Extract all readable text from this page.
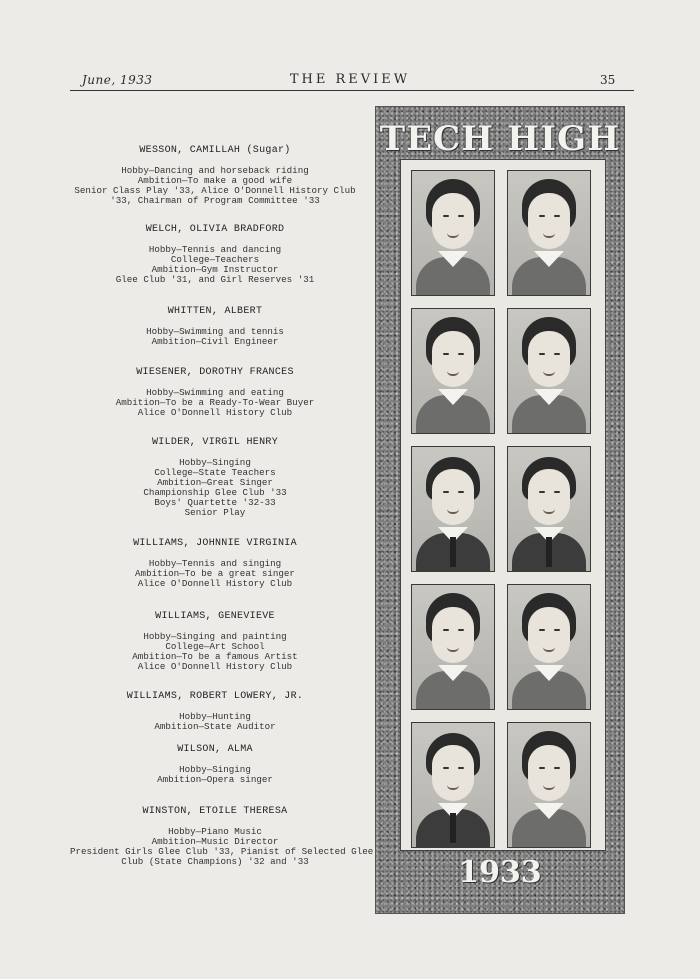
June, 1933	THE REVIEW	35
WESSON, CAMILLAH (Sugar)
Hobby—Dancing and horseback riding
Ambition—To make a good wife
Senior Class Play '33, Alice O'Donnell History Club
'33, Chairman of Program Committee '33
WELCH, OLIVIA BRADFORD
Hobby—Tennis and dancing
College—Teachers
Ambition—Gym Instructor
Glee Club '31, and Girl Reserves '31
WHITTEN, ALBERT
Hobby—Swimming and tennis
Ambition—Civil Engineer
WIESENER, DOROTHY FRANCES
Hobby—Swimming and eating
Ambition—To be a Ready-To-Wear Buyer
Alice O'Donnell History Club
WILDER, VIRGIL HENRY
Hobby—Singing
College—State Teachers
Ambition—Great Singer
Championship Glee Club '33
Boys' Quartette '32-33
Senior Play
WILLIAMS, JOHNNIE VIRGINIA
Hobby—Tennis and singing
Ambition—To be a great singer
Alice O'Donnell History Club
WILLIAMS, GENEVIEVE
Hobby—Singing and painting
College—Art School
Ambition—To be a famous Artist
Alice O'Donnell History Club
WILLIAMS, ROBERT LOWERY, JR.
Hobby—Hunting
Ambition—State Auditor
WILSON, ALMA
Hobby—Singing
Ambition—Opera singer
WINSTON, ETOILE THERESA
Hobby—Piano Music
Ambition—Music Director
President Girls Glee Club '33, Pianist of Selected Glee
Club (State Champions) '32 and '33
TECH HIGH
1933
